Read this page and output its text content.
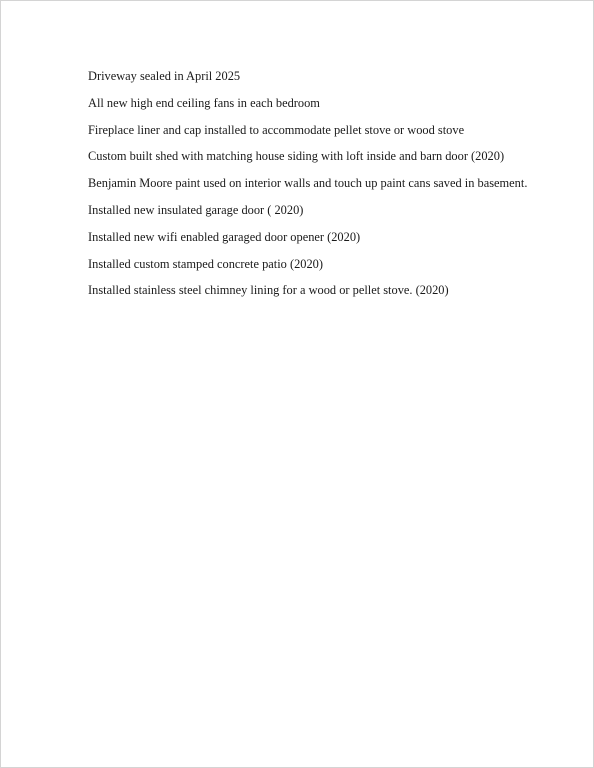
Driveway sealed in April 2025
All new high end ceiling fans in each bedroom
Fireplace liner and cap installed to accommodate pellet stove or wood stove
Custom built shed with matching house siding with loft inside and barn door (2020)
Benjamin Moore paint used on interior walls and touch up paint cans saved in basement.
Installed new insulated garage door ( 2020)
Installed new wifi enabled garaged door opener (2020)
Installed custom stamped concrete patio (2020)
Installed stainless steel chimney lining for a wood or pellet stove. (2020)
